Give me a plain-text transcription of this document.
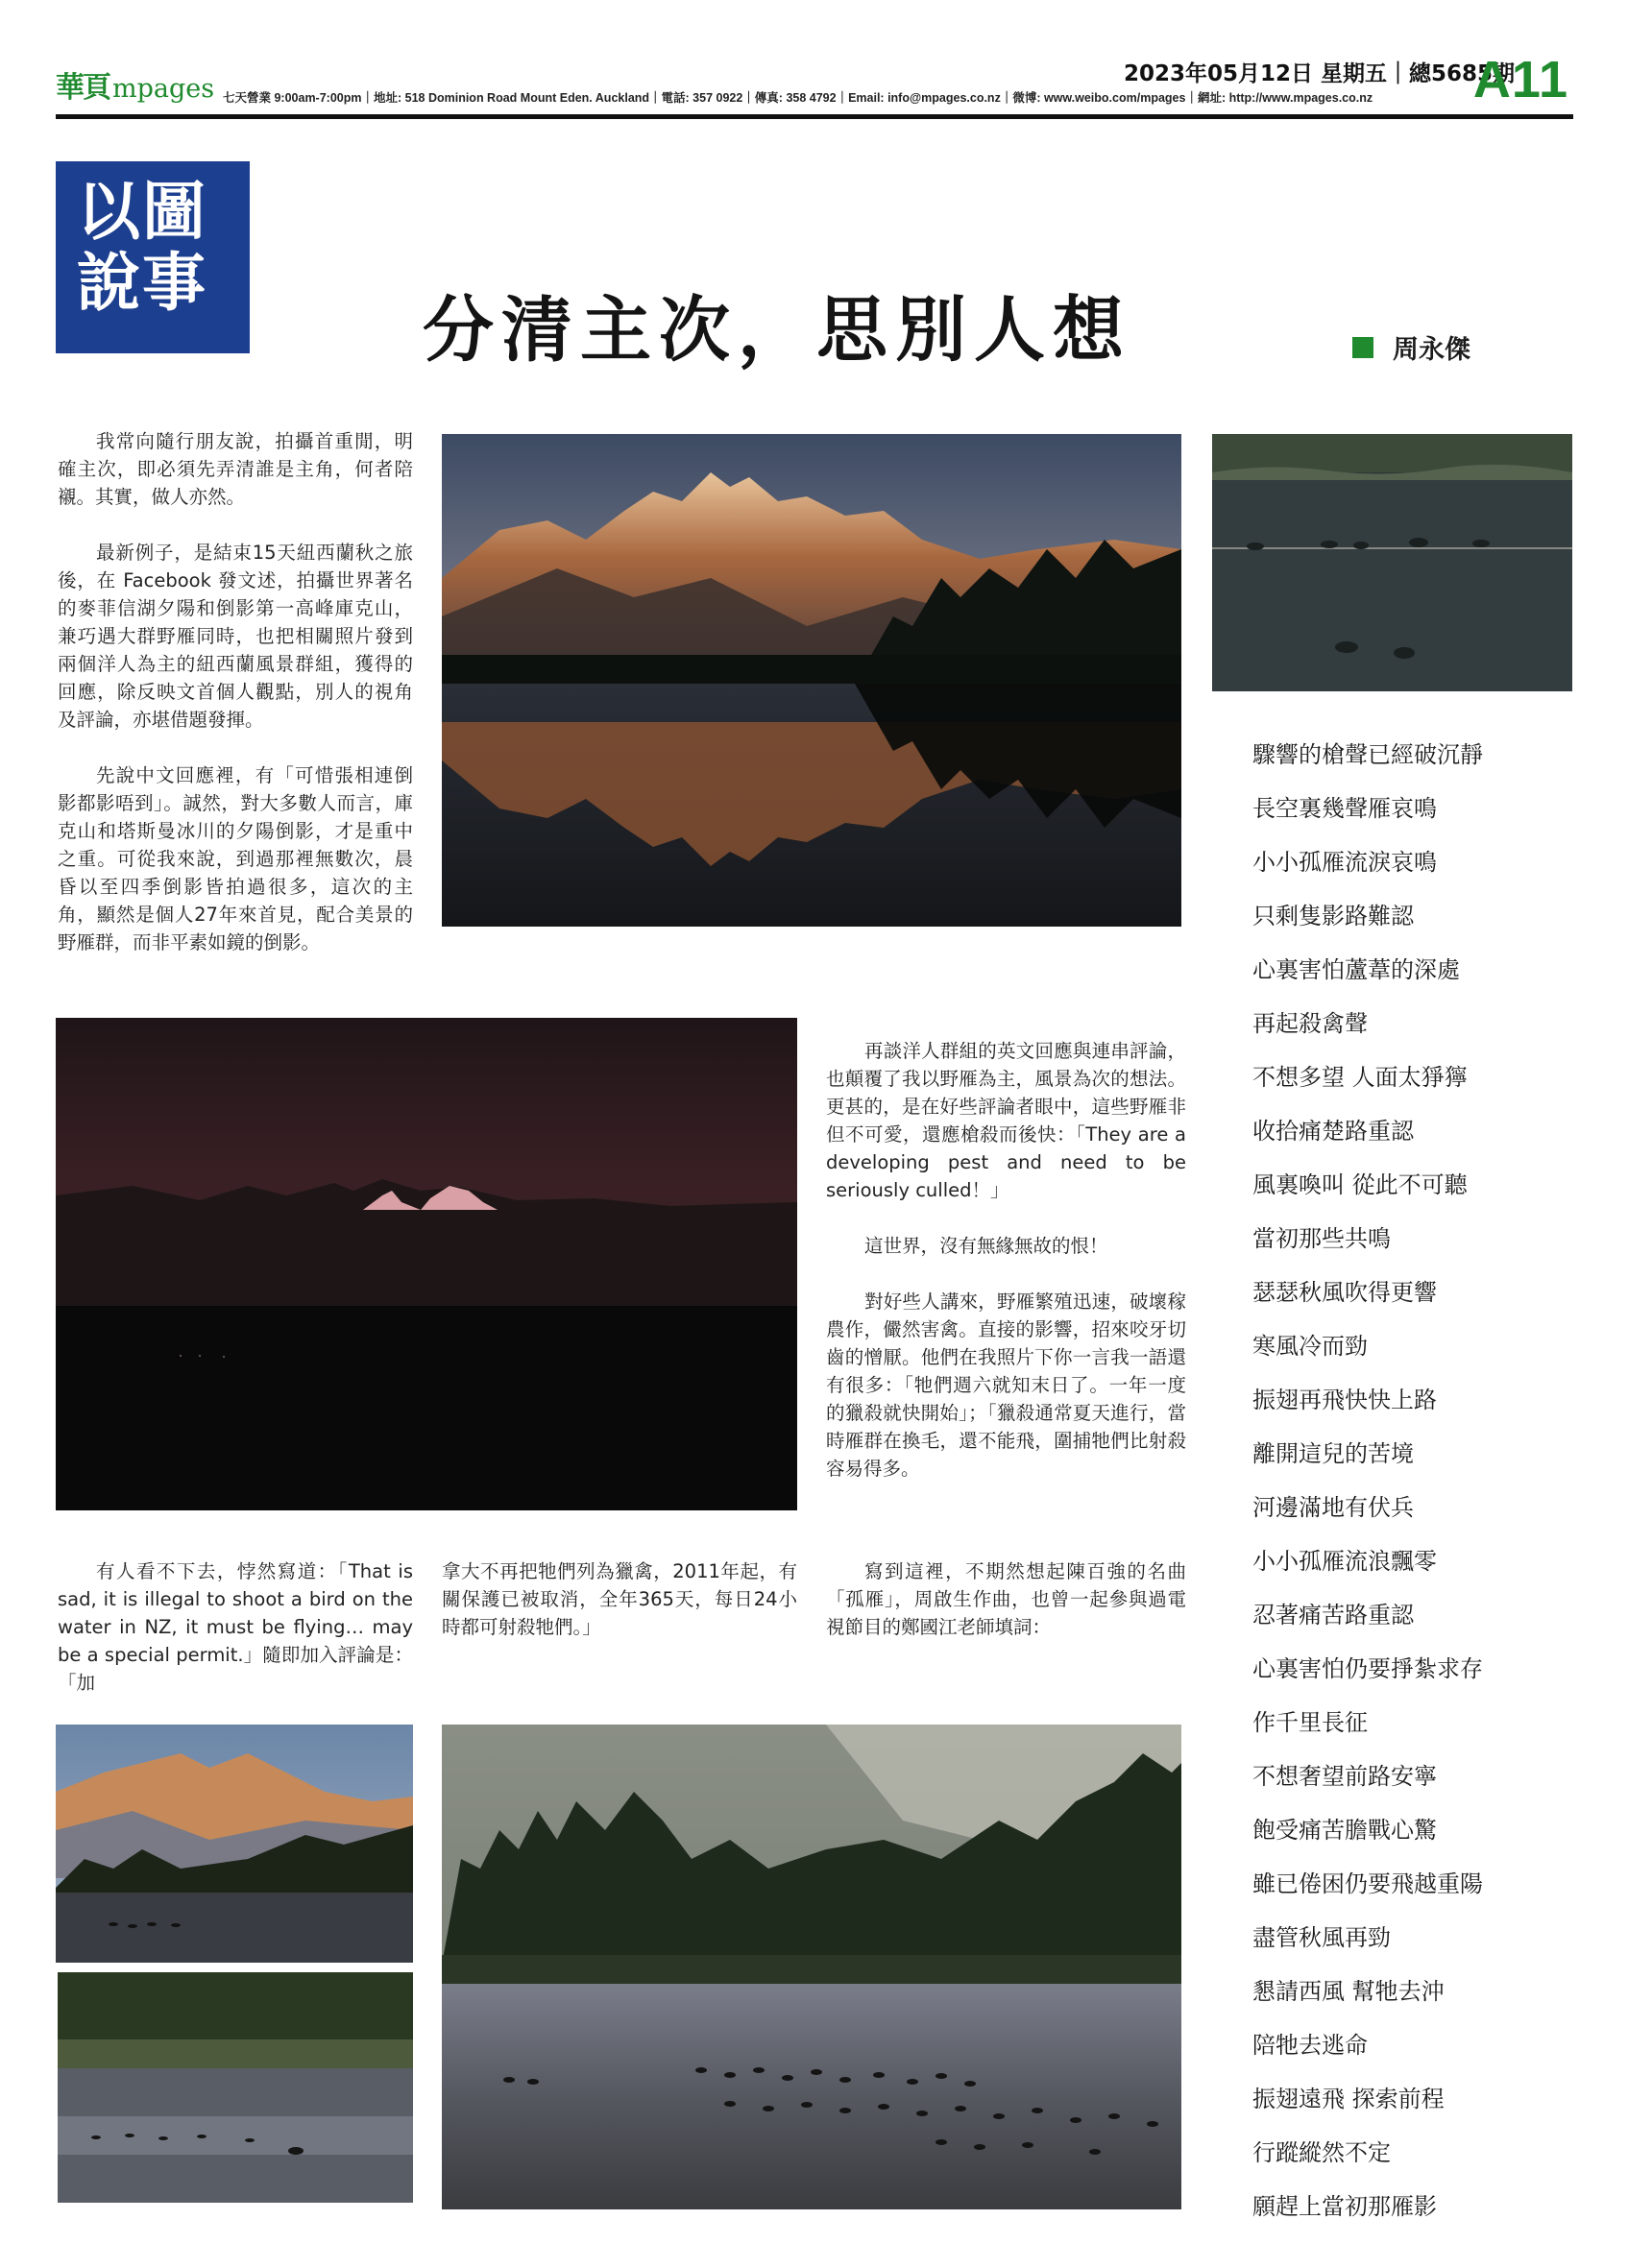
華頁 mpages	2023年05月12日 星期五｜總5685期
七天營業 9:00am-7:00pm｜地址: 518 Dominion Road Mount Eden. Auckland｜電話: 357 0922｜傳真: 358 4792｜Email: info@mpages.co.nz｜微博: www.weibo.com/mpages｜網址: http://www.mpages.co.nz A11
以圖說事
分清主次，思別人想	周永傑

我常向隨行朋友說，拍攝首重閒，明確主次，即必須先弄清誰是主角，何者陪襯。其實，做人亦然。

最新例子，是結束15天紐西蘭秋之旅後，在 Facebook 發文述，拍攝世界著名的麥菲信湖夕陽和倒影第一高峰庫克山，兼巧遇大群野雁同時，也把相關照片發到兩個洋人為主的紐西蘭風景群組，獲得的回應，除反映文首個人觀點，別人的視角及評論，亦堪借題發揮。

先說中文回應裡，有「可惜張相連倒影都影唔到」。誠然，對大多數人而言，庫克山和塔斯曼冰川的夕陽倒影，才是重中之重。可從我來說，到過那裡無數次，晨昏以至四季倒影皆拍過很多，這次的主角，顯然是個人27年來首見，配合美景的野雁群，而非平素如鏡的倒影。

再談洋人群組的英文回應與連串評論，也顛覆了我以野雁為主，風景為次的想法。更甚的，是在好些評論者眼中，這些野雁非但不可愛，還應槍殺而後快：「They are a developing pest and need to be seriously culled！」

這世界，沒有無緣無故的恨！

對好些人講來，野雁繁殖迅速，破壞稼農作，儼然害禽。直接的影響，招來咬牙切齒的憎厭。他們在我照片下你一言我一語還有很多：「牠們週六就知末日了。一年一度的獵殺就快開始」；「獵殺通常夏天進行，當時雁群在換毛，還不能飛，圍捕牠們比射殺容易得多。

有人看不下去，悖然寫道：「That is sad, it is illegal to shoot a bird on the water in NZ, it must be flying… may be a special permit.」隨即加入評論是：「加

拿大不再把牠們列為獵禽，2011年起，有關保護已被取消，全年365天，每日24小時都可射殺牠們。」

寫到這裡，不期然想起陳百強的名曲「孤雁」，周啟生作曲，也曾一起參與過電視節目的鄭國江老師填詞：

驟響的槍聲已經破沉靜
長空裏幾聲雁哀鳴
小小孤雁流淚哀鳴
只剩隻影路難認
心裏害怕蘆葦的深處
再起殺禽聲
不想多望 人面太猙獰
收拾痛楚路重認
風裏喚叫 從此不可聽
當初那些共鳴
瑟瑟秋風吹得更響
寒風冷而勁
振翅再飛快快上路
離開這兒的苦境
河邊滿地有伏兵
小小孤雁流浪飄零
忍著痛苦路重認
心裏害怕仍要掙紮求存
作千里長征
不想奢望前路安寧
飽受痛苦膽戰心驚
雖已倦困仍要飛越重陽
盡管秋風再勁
懇請西風 幫牠去沖
陪牠去逃命
振翅遠飛 探索前程
行蹤縱然不定
願趕上當初那雁影
